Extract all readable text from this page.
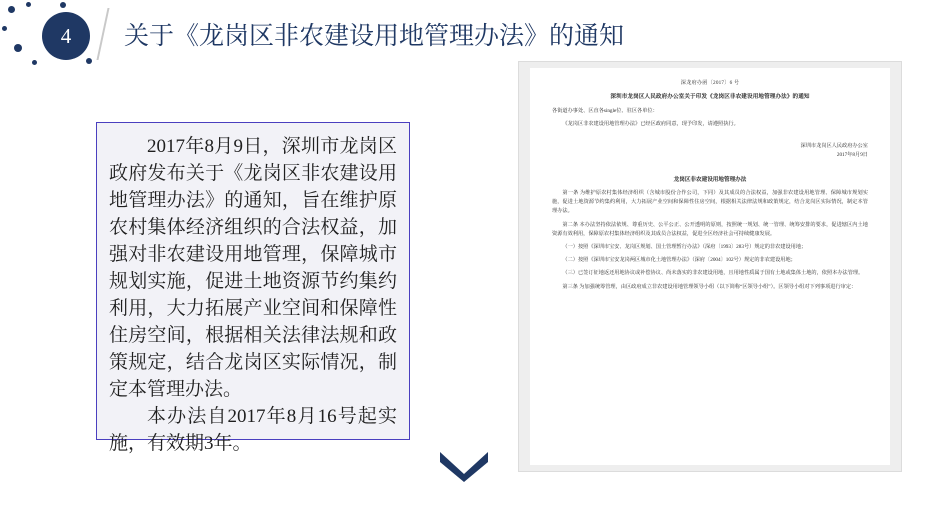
4	关于《龙岗区非农建设用地管理办法》的通知

2017年8月9日，深圳市龙岗区政府发布关于《龙岗区非农建设用地管理办法》的通知，旨在维护原农村集体经济组织的合法权益，加强对非农建设用地管理，保障城市规划实施，促进土地资源节约集约利用，大力拓展产业空间和保障性住房空间，根据相关法律法规和政策规定，结合龙岗区实际情况，制定本管理办法。

本办法自2017年8月16号起实施，有效期3年。

深龙府办函〔2017〕6 号
深圳市龙岗区人民政府办公室关于印发《龙岗区非农建设用地管理办法》的通知
各街道办事处、区直各single位、驻区各单位：
《龙岗区非农建设用地管理办法》已经区政府同意，现予印发，请遵照执行。
深圳市龙岗区人民政府办公室
2017年8月9日
龙岗区非农建设用地管理办法
第一条 为维护原农村集体经济组织（含城市股份合作公司，下同）及其成员的合法权益，加强非农建设用地管理、保障城市规划实施，促进土地资源节约集约利用，大力拓展产业空间和保障性住房空间，根据相关法律法规和政策规定，结合龙岗区实际情况，制定本管理办法。
第二条 本办法坚持依法依规、尊重历史、公平公正、公开透明的原则，按照统一规划、统一管理、统筹安排的要求，促进辖区内土地资源有效利用，保障原农村集体经济组织及其成员合法权益，促进全区经济社会可持续健康发展。
（一）按照《深圳市宝安、龙岗区规划、国土管理暂行办法》（深府〔1993〕283号）规定的非农建设用地；
（二）按照《深圳市宝安龙岗两区城市化土地管理办法》（深府〔2004〕102号）规定的非农建设用地；
（三）已签订征地返还用地协议或补偿协议、尚未落实的非农建设用地，且用地性质属于国有土地或集体土地的，依照本办法管理。
第三条 为加强统筹管理，由区政府成立非农建设用地管理领导小组（以下简称“区领导小组”）。区领导小组对下列事项进行审定：
